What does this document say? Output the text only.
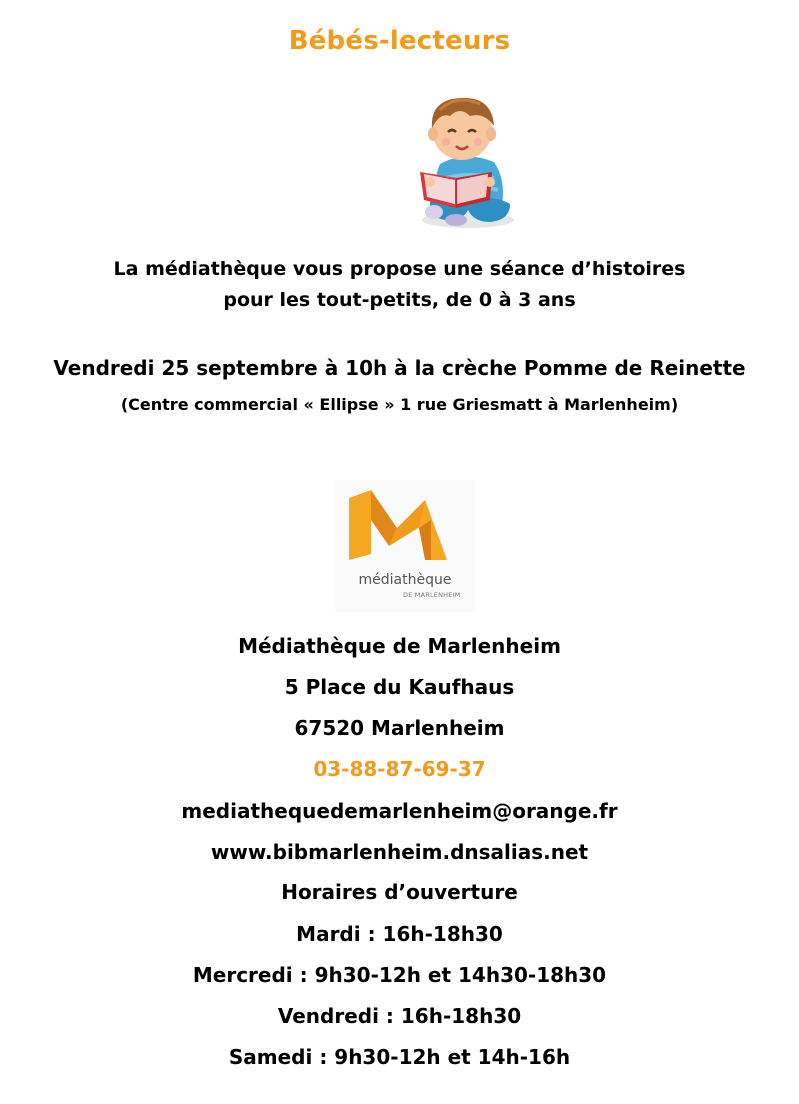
Bébés-lecteurs
La médiathèque vous propose une séance d’histoires
pour les tout-petits, de 0 à 3 ans
Vendredi 25 septembre à 10h à la crèche Pomme de Reinette
(Centre commercial « Ellipse » 1 rue Griesmatt à Marlenheim)
médiathèque
DE MARLENHEIM
Médiathèque de Marlenheim
5 Place du Kaufhaus
67520 Marlenheim
03-88-87-69-37
mediathequedemarlenheim@orange.fr
www.bibmarlenheim.dnsalias.net
Horaires d’ouverture
Mardi : 16h-18h30
Mercredi : 9h30-12h et 14h30-18h30
Vendredi : 16h-18h30
Samedi : 9h30-12h et 14h-16h
